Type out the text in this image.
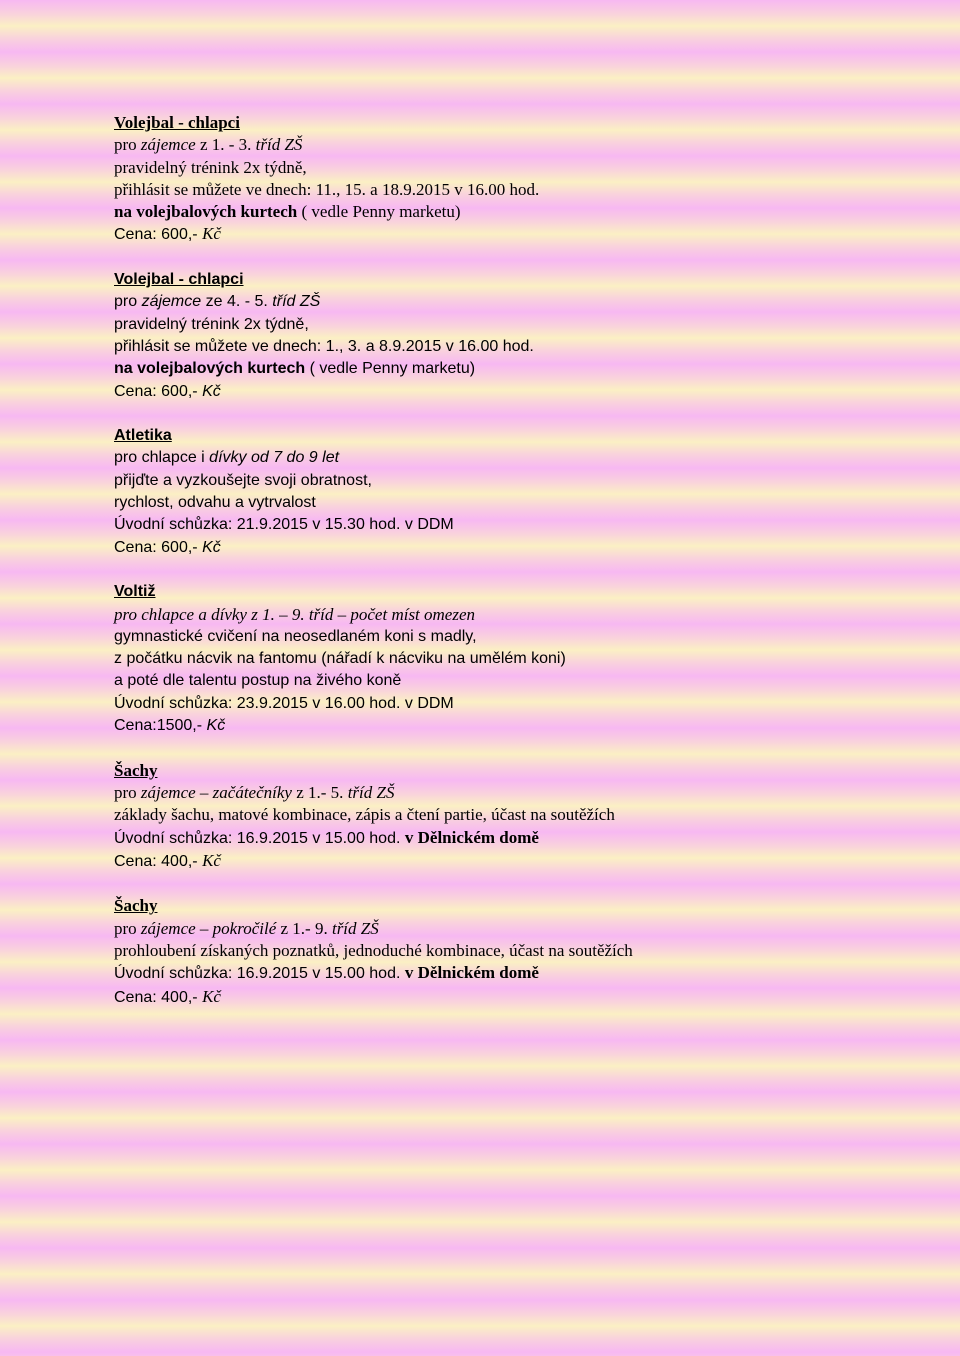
Volejbal - chlapci
pro zájemce z 1. - 3. tříd ZŠ
pravidelný trénink 2x týdně,
přihlásit se můžete ve dnech: 11., 15. a 18.9.2015 v 16.00 hod.
na volejbalových kurtech ( vedle Penny marketu)
Cena: 600,- Kč
Volejbal - chlapci
pro zájemce ze 4. - 5. tříd ZŠ
pravidelný trénink 2x týdně,
přihlásit se můžete ve dnech: 1., 3. a 8.9.2015 v 16.00 hod.
na volejbalových kurtech ( vedle Penny marketu)
Cena: 600,- Kč
Atletika
pro chlapce i dívky od 7 do 9 let
přijďte a vyzkoušejte svoji obratnost,
rychlost, odvahu a vytrvalost
Úvodní schůzka: 21.9.2015 v 15.30 hod. v DDM
Cena: 600,- Kč
Voltiž
pro chlapce a dívky z 1. – 9. tříd – počet míst omezen
gymnastické cvičení na neosedlaném koni s madly,
z počátku nácvik na fantomu (nářadí k nácviku na umělém koni)
a poté dle talentu postup na živého koně
Úvodní schůzka: 23.9.2015 v 16.00 hod. v DDM
Cena:1500,- Kč
Šachy
pro zájemce – začátečníky z 1.- 5. tříd ZŠ
základy šachu, matové kombinace, zápis a čtení partie, účast na soutěžích
Úvodní schůzka: 16.9.2015 v 15.00 hod. v Dělnickém domě
Cena: 400,- Kč
Šachy
pro zájemce – pokročilé z 1.- 9. tříd ZŠ
prohloubení získaných poznatků, jednoduché kombinace, účast na soutěžích
Úvodní schůzka: 16.9.2015 v 15.00 hod. v Dělnickém domě
Cena: 400,- Kč
